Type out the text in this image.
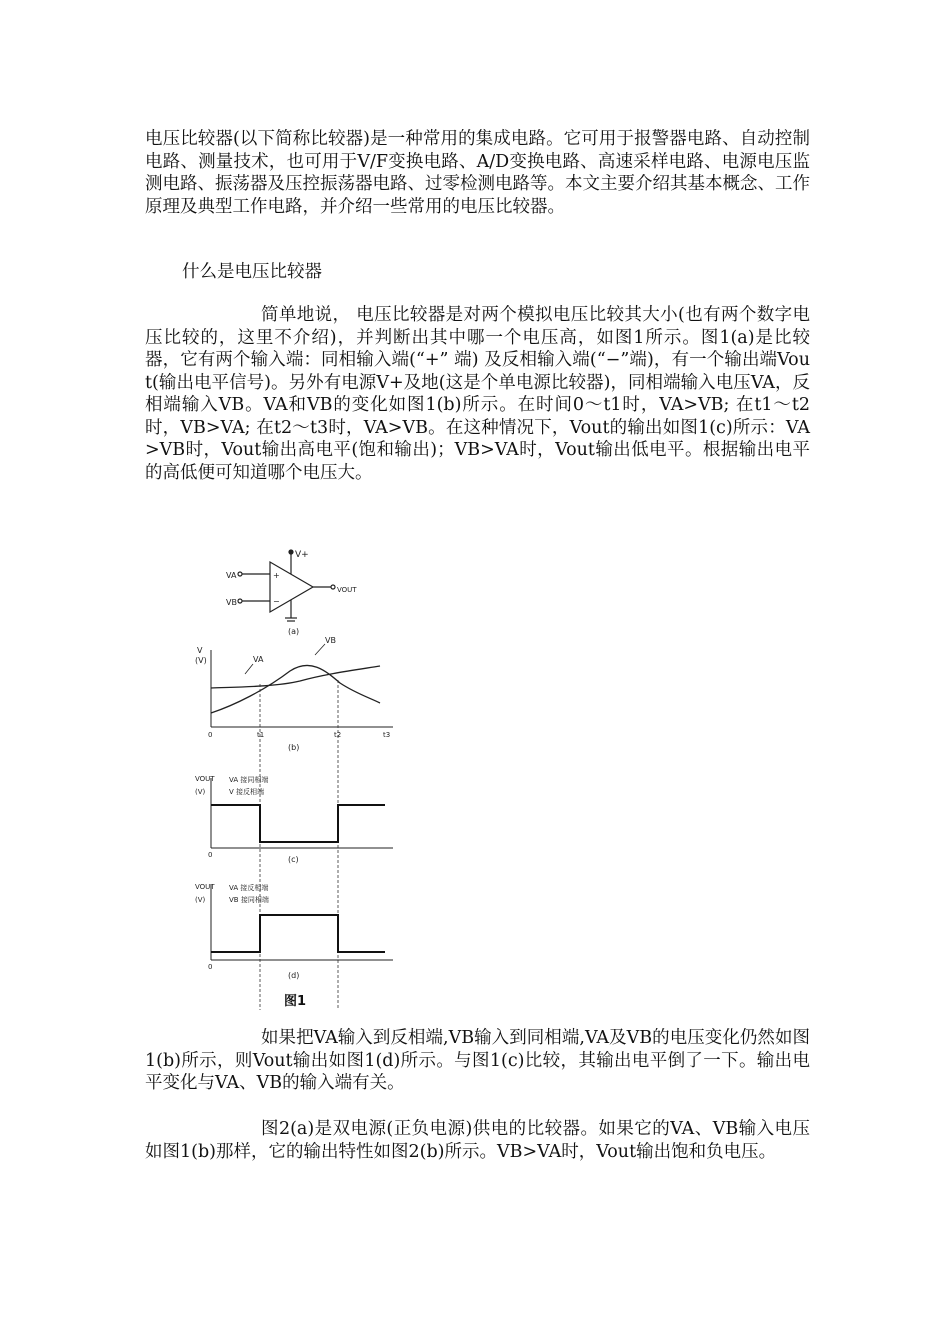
电压比较器(以下简称比较器)是一种常用的集成电路。它可用于报警器电路、自动控制电路、测量技术，也可用于V/F变换电路、A/D变换电路、高速采样电路、电源电压监测电路、振荡器及压控振荡器电路、过零检测电路等。本文主要介绍其基本概念、工作原理及典型工作电路，并介绍一些常用的电压比较器。
什么是电压比较器
简单地说， 电压比较器是对两个模拟电压比较其大小(也有两个数字电压比较的，这里不介绍)，并判断出其中哪一个电压高，如图1所示。图1(a)是比较器，它有两个输入端：同相输入端(“+” 端) 及反相输入端(“−”端)，有一个输出端Vout(输出电平信号)。另外有电源V+及地(这是个单电源比较器)，同相端输入电压VA，反相端输入VB。VA和VB的变化如图1(b)所示。在时间0～t1时，VA>VB; 在t1～t2时，VB>VA; 在t2～t3时，VA>VB。在这种情况下，Vout的输出如图1(c)所示：VA>VB时，Vout输出高电平(饱和输出)；VB>VA时，Vout输出低电平。根据输出电平的高低便可知道哪个电压大。
V+
VA
VB
+
−
VOUT
(a)
V
(V)	VA
VB
0	t1	t2	t3
(b)
VOUT
(V)
VA 接同相端
V 接反相端
0	(c)
VOUT
(V)
VA 接反相端
VB 接同相端
0
(d)
图1
如果把VA输入到反相端,VB输入到同相端,VA及VB的电压变化仍然如图1(b)所示，则Vout输出如图1(d)所示。与图1(c)比较，其输出电平倒了一下。输出电平变化与VA、VB的输入端有关。
图2(a)是双电源(正负电源)供电的比较器。如果它的VA、VB输入电压如图1(b)那样，它的输出特性如图2(b)所示。VB>VA时，Vout输出饱和负电压。
